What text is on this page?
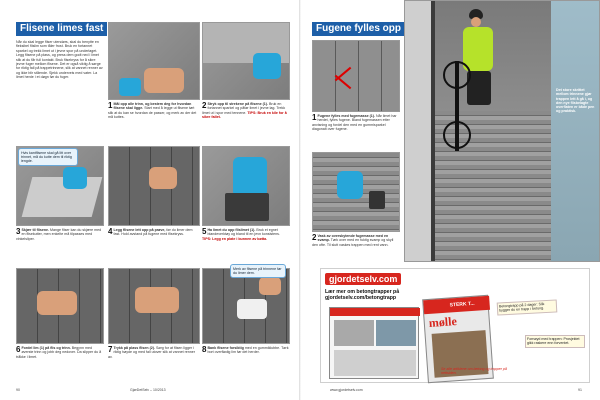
Flisene limes fast
Når du skal legge fliser utendørs, skal du benytte en fleksibel flislim som tåler frost. Bruk en fortannet sparkel og trekk limet ut i jevne spor på underlaget. Legg flisene på plass, og press dem godt ned i limet slik at du får full kontakt. Bruk flisekryss for å sikre jevne fuger mellom flisene. Det er også viktig å sørge for riktig fall på trappetrinnene, slik at vannet renner av og ikke blir stående. Sjekk underveis med vater. La limet herde i et døgn før du fuger.
1 Mål opp alle trinn, og bestem deg for hvordan flisene skal ligge. Start med å legge ut flisene tørt slik at du kan se hvordan de passer, og merk av der det må kuttes.
2 Stryk opp til strekene på flisene (1). Bruk en fortannet sparkel og påfør limet i jevne lag. Trekk limet ut i spor med tennene. TIPS: Bruk en kile for å sikre fallet.
Hvis kantflisene skal gå litt over trinnet, må du kutte dem til riktig lengde.
3 Skjær til flisene. Mange fliser kan du skjære med en flisekutter, men enkelte må tilpasses med vinkelsliper.
4 Legg flisene lett opp på prøve, før du limer dem fast. Hold avstand på fugene med flisekryss.	5 Ha limet du opp flislimet (1). Bruk et egnet blandeverktøy og bland til en jevn konsistens. TIPS: Legg en plate i bunnen av bøtta.
Merk av flisene på trinnene før du limer dem.
6 Fordel lim (1) på flis og trinn. Begynn med øverste trinn og jobb deg nedover. Da slipper du å tråkke i limet.
7 Trykk på plass flisen (2). Sørg for at flisen ligger i riktig høyde og med fall utover slik at vannet renner av.
8 Bank flisene forsiktig med en gummiklubbe. Tørk bort overflødig lim før det herder.
90	GjørDetSelv – 10/2013
Fugene fylles opp
1 Fugene fylles med fugemasse (1). Når limet har herdet, fylles fugene. Bland fugemassen etter anvisning og fordel den med en gummisparkel diagonalt over fugene.
2 Vask av overskytende fugemasse med en svamp. Tørk over med en fuktig svamp og skyll den ofte. Til slutt vaskes trappen med rent vann.
Det store skrittet mellom trinnene gjør trappen lett å gå i, og den nye flisbelagte overflaten er både pen og praktisk.
gjordetselv.com
Lær mer om betongtrapper på
gjordetselv.com/betongtrapp
mølle
STERK T...	Betongtrapp på 2 dager: Slik bygger du en trapp i betong.
Fornøyd med trappen: Prosjektet gikk raskere enn forventet.
Se alle artiklene om betong og trapper på nettsiden.
www.gjordetselv.com	91
